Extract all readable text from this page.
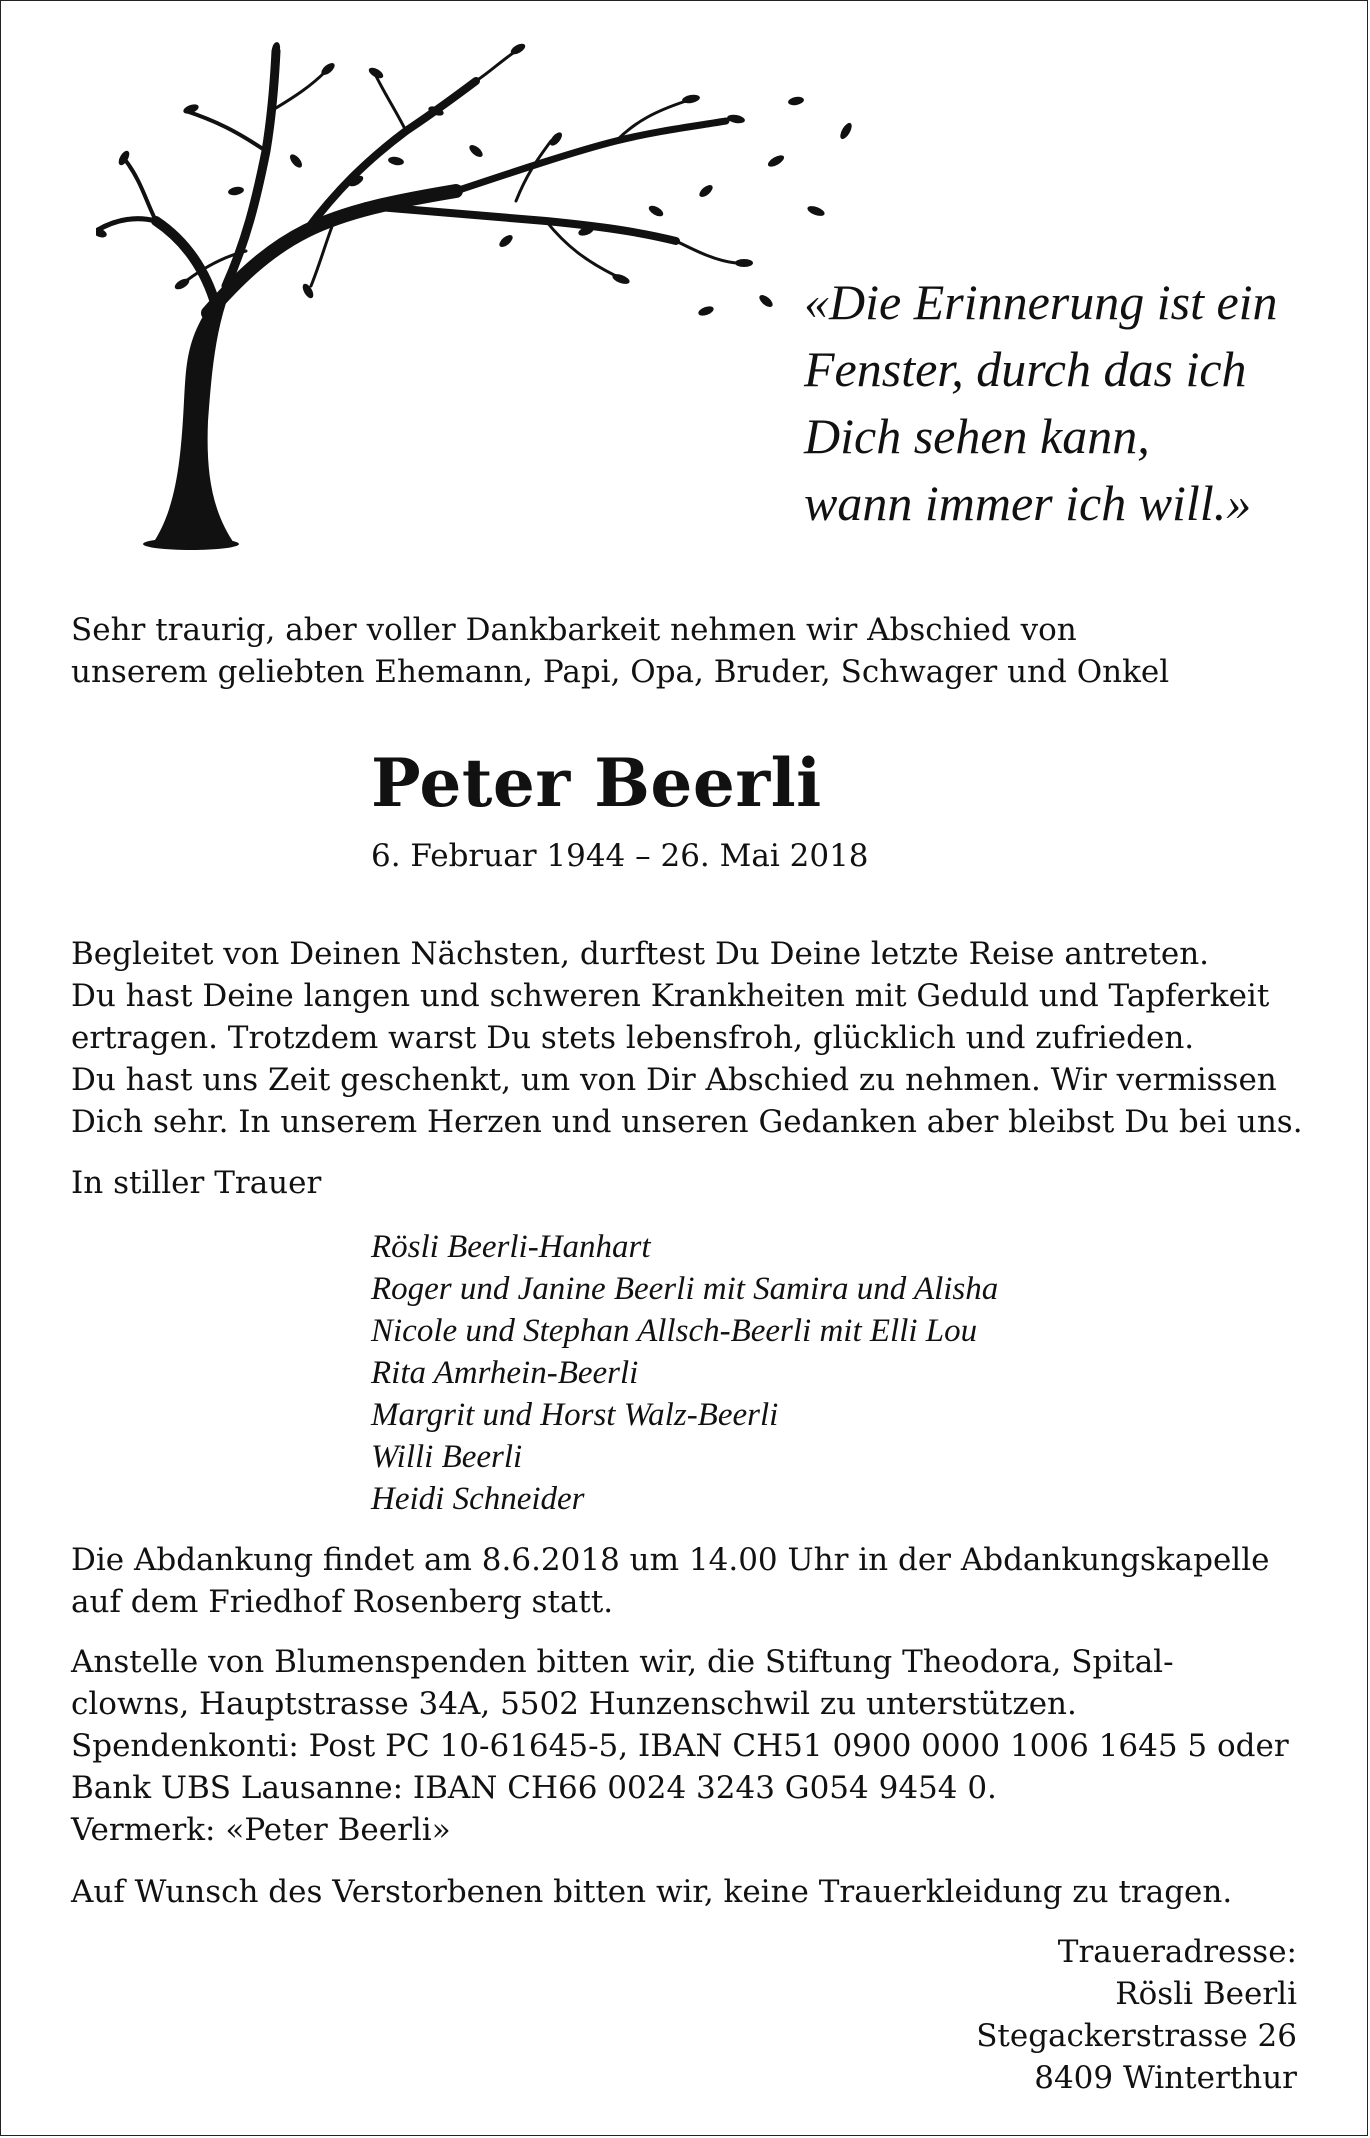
«Die Erinnerung ist ein
Fenster, durch das ich
Dich sehen kann,
wann immer ich will.»
Sehr traurig, aber voller Dankbarkeit nehmen wir Abschied von
unserem geliebten Ehemann, Papi, Opa, Bruder, Schwager und Onkel
Peter Beerli
6. Februar 1944 – 26. Mai 2018
Begleitet von Deinen Nächsten, durftest Du Deine letzte Reise antreten.
Du hast Deine langen und schweren Krankheiten mit Geduld und Tapferkeit
ertragen. Trotzdem warst Du stets lebensfroh, glücklich und zufrieden.
Du hast uns Zeit geschenkt, um von Dir Abschied zu nehmen. Wir vermissen
Dich sehr. In unserem Herzen und unseren Gedanken aber bleibst Du bei uns.
In stiller Trauer
Rösli Beerli-Hanhart
Roger und Janine Beerli mit Samira und Alisha
Nicole und Stephan Allsch-Beerli mit Elli Lou
Rita Amrhein-Beerli
Margrit und Horst Walz-Beerli
Willi Beerli
Heidi Schneider
Die Abdankung findet am 8.6.2018 um 14.00 Uhr in der Abdankungskapelle
auf dem Friedhof Rosenberg statt.
Anstelle von Blumenspenden bitten wir, die Stiftung Theodora, Spital-
clowns, Hauptstrasse 34A, 5502 Hunzenschwil zu unterstützen.
Spendenkonti: Post PC 10-61645-5, IBAN CH51 0900 0000 1006 1645 5 oder
Bank UBS Lausanne: IBAN CH66 0024 3243 G054 9454 0.
Vermerk: «Peter Beerli»
Auf Wunsch des Verstorbenen bitten wir, keine Trauerkleidung zu tragen.
Traueradresse:
Rösli Beerli
Stegackerstrasse 26
8409 Winterthur
